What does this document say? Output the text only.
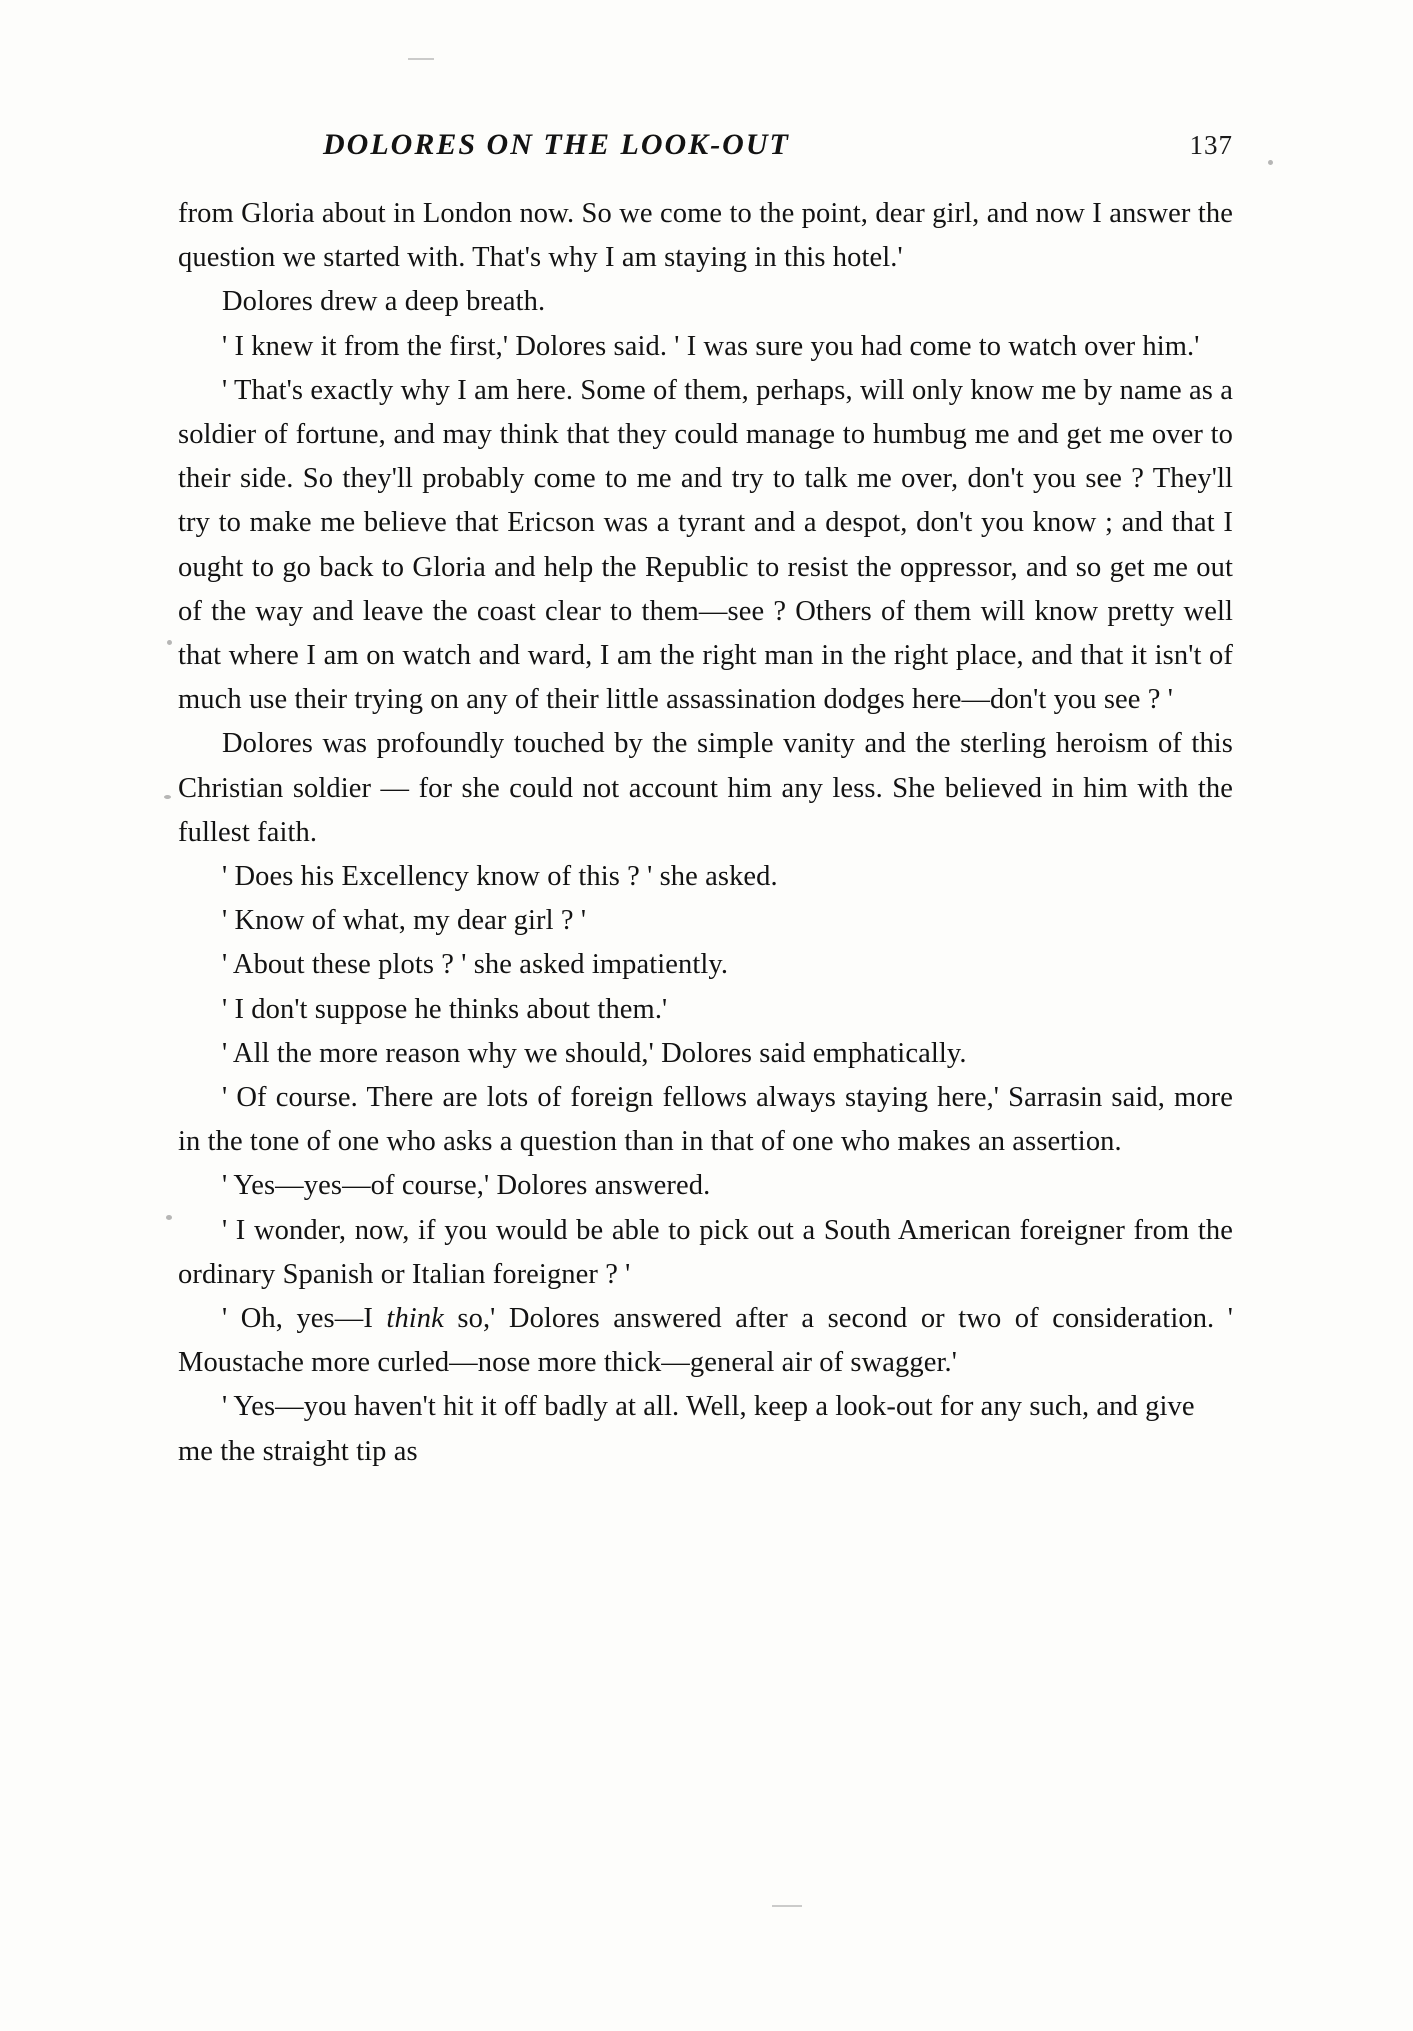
DOLORES ON THE LOOK-OUT	137

from Gloria about in London now. So we come to the point, dear girl, and now I answer the question we started with. That's why I am staying in this hotel.'

Dolores drew a deep breath.

' I knew it from the first,' Dolores said. ' I was sure you had come to watch over him.'

' That's exactly why I am here. Some of them, perhaps, will only know me by name as a soldier of fortune, and may think that they could manage to humbug me and get me over to their side. So they'll probably come to me and try to talk me over, don't you see ? They'll try to make me believe that Ericson was a tyrant and a despot, don't you know ; and that I ought to go back to Gloria and help the Republic to resist the oppressor, and so get me out of the way and leave the coast clear to them—see ? Others of them will know pretty well that where I am on watch and ward, I am the right man in the right place, and that it isn't of much use their trying on any of their little assassination dodges here—don't you see ? '

Dolores was profoundly touched by the simple vanity and the sterling heroism of this Christian soldier — for she could not account him any less. She believed in him with the fullest faith.

' Does his Excellency know of this ? ' she asked.

' Know of what, my dear girl ? '

' About these plots ? ' she asked impatiently.

' I don't suppose he thinks about them.'

' All the more reason why we should,' Dolores said emphatically.

' Of course. There are lots of foreign fellows always staying here,' Sarrasin said, more in the tone of one who asks a question than in that of one who makes an assertion.

' Yes—yes—of course,' Dolores answered.

' I wonder, now, if you would be able to pick out a South American foreigner from the ordinary Spanish or Italian foreigner ? '

' Oh, yes—I think so,' Dolores answered after a second or two of consideration. ' Moustache more curled—nose more thick—general air of swagger.'

' Yes—you haven't hit it off badly at all. Well, keep a look-out for any such, and give me the straight tip as
